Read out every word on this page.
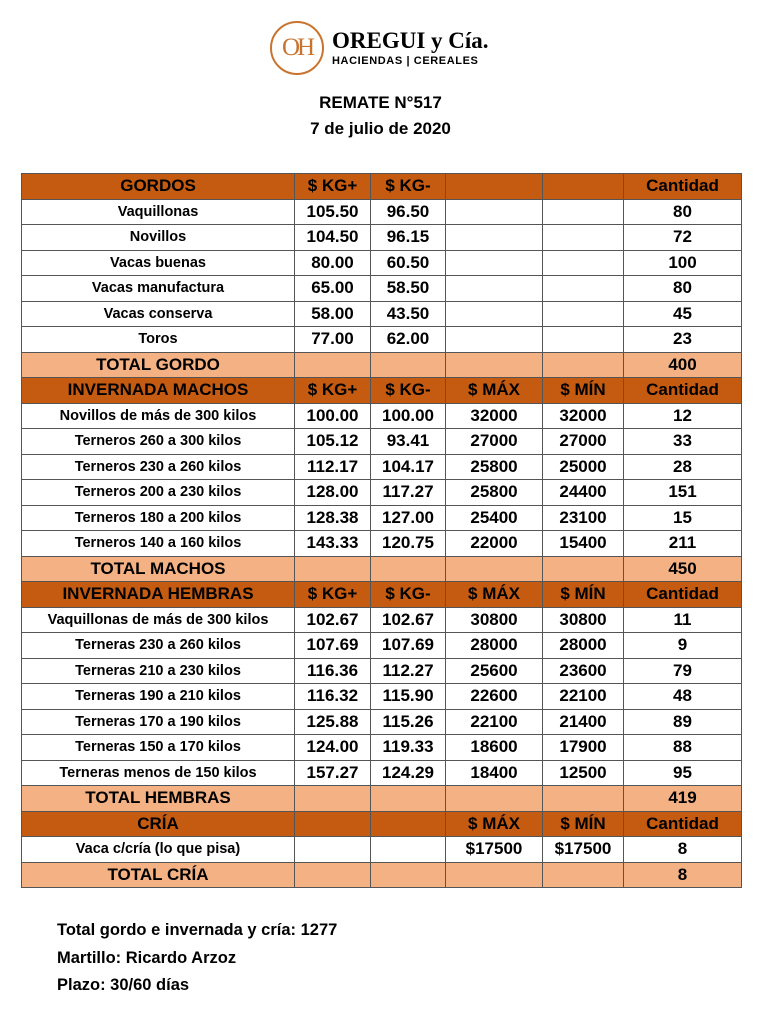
OH OREGUI y Cía.
HACIENDAS | CEREALES
REMATE N°517
7 de julio de 2020
GORDOS	$ KG+	$ KG-			Cantidad
Vaquillonas	105.50	96.50			80
Novillos	104.50	96.15			72
Vacas buenas	80.00	60.50			100
Vacas manufactura	65.00	58.50			80
Vacas conserva	58.00	43.50			45
Toros	77.00	62.00			23
TOTAL GORDO					400
INVERNADA MACHOS	$ KG+	$ KG-	$ MÁX	$ MÍN	Cantidad
Novillos de más de 300 kilos	100.00	100.00	32000	32000	12
Terneros 260 a 300 kilos	105.12	93.41	27000	27000	33
Terneros 230 a 260 kilos	112.17	104.17	25800	25000	28
Terneros 200 a 230 kilos	128.00	117.27	25800	24400	151
Terneros 180 a 200 kilos	128.38	127.00	25400	23100	15
Terneros 140 a 160 kilos	143.33	120.75	22000	15400	211
TOTAL MACHOS					450
INVERNADA HEMBRAS	$ KG+	$ KG-	$ MÁX	$ MÍN	Cantidad
Vaquillonas de más de 300 kilos	102.67	102.67	30800	30800	11
Terneras 230 a 260 kilos	107.69	107.69	28000	28000	9
Terneras 210 a 230 kilos	116.36	112.27	25600	23600	79
Terneras 190 a 210 kilos	116.32	115.90	22600	22100	48
Terneras 170 a 190 kilos	125.88	115.26	22100	21400	89
Terneras 150 a 170 kilos	124.00	119.33	18600	17900	88
Terneras menos de 150 kilos	157.27	124.29	18400	12500	95
TOTAL HEMBRAS					419
CRÍA			$ MÁX	$ MÍN	Cantidad
Vaca c/cría (lo que pisa)			$17500	$17500	8
TOTAL CRÍA					8
Total gordo e invernada y cría: 1277
Martillo: Ricardo Arzoz
Plazo: 30/60 días
